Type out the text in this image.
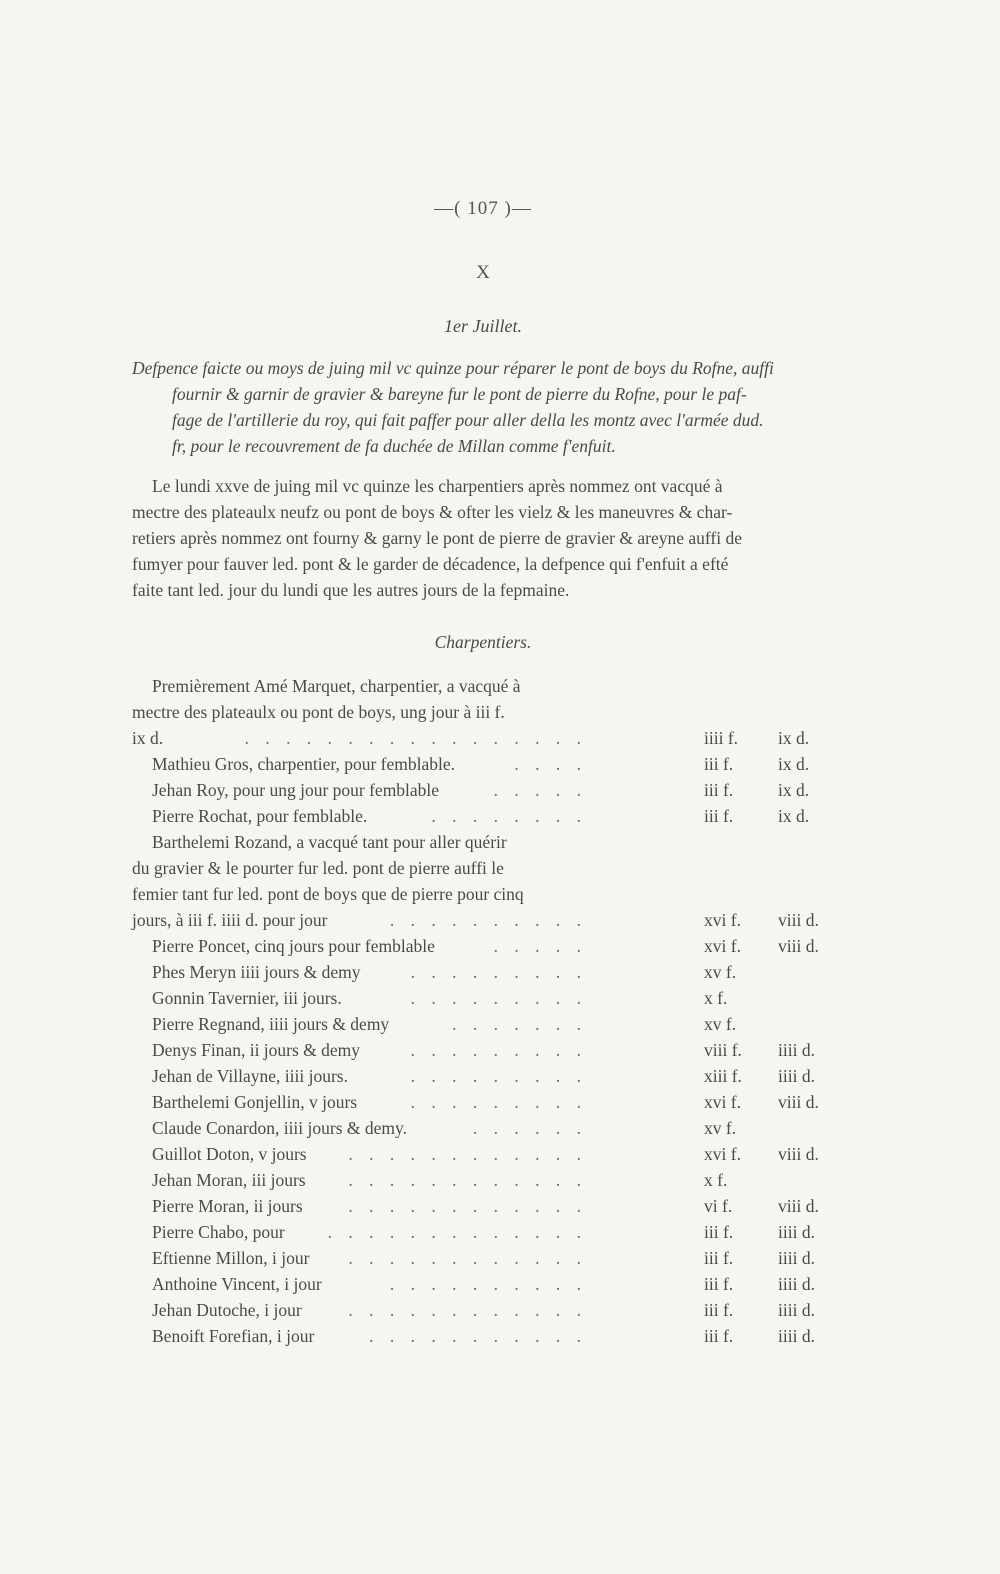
—( 107 )—
X
1er Juillet.
Defpence faicte ou moys de juing mil vc quinze pour réparer le pont de boys du Rofne, auffi
fournir & garnir de gravier & bareyne fur le pont de pierre du Rofne, pour le paf-
fage de l'artillerie du roy, qui fait paffer pour aller della les montz avec l'armée dud.
fr, pour le recouvrement de fa duchée de Millan comme f'enfuit.
Le lundi xxve de juing mil vc quinze les charpentiers après nommez ont vacqué à
mectre des plateaulx neufz ou pont de boys & ofter les vielz & les maneuvres & char-
retiers après nommez ont fourny & garny le pont de pierre de gravier & areyne auffi de
fumyer pour fauver led. pont & le garder de décadence, la defpence qui f'enfuit a efté
faite tant led. jour du lundi que les autres jours de la fepmaine.
Charpentiers.
Premièrement Amé Marquet, charpentier, a vacqué à
mectre des plateaulx ou pont de boys, ung jour à iii f.
ix d.	. . . . . . . . . . . . . . . . .	iiii f. ix d.
Mathieu Gros, charpentier, pour femblable.	. . . .	iii f.	ix d.
Jehan Roy, pour ung jour pour femblable	. . . . .	iii f.	ix d.
Pierre Rochat, pour femblable.	. . . . . . . .	iii f.	ix d.
Barthelemi Rozand, a vacqué tant pour aller quérir
du gravier & le pourter fur led. pont de pierre auffi le
femier tant fur led. pont de boys que de pierre pour cinq
jours, à iii f. iiii d. pour jour	. . . . . . . . . .	xvi f. viii d.
Pierre Poncet, cinq jours pour femblable	. . . . .	xvi f. viii d.
Phes Meryn iiii jours & demy	. . . . . . . . .	xv f.
Gonnin Tavernier, iii jours.	. . . . . . . . .	x f.
Pierre Regnand, iiii jours & demy	. . . . . . .	xv f.
Denys Finan, ii jours & demy	. . . . . . . . .	viii f. iiii d.
Jehan de Villayne, iiii jours.	. . . . . . . . .	xiii f. iiii d.
Barthelemi Gonjellin, v jours	. . . . . . . . .	xvi f. viii d.
Claude Conardon, iiii jours & demy.	. . . . . .	xv f.
Guillot Doton, v jours . . . . . . . . . . . .	xvi f. viii d.
Jehan Moran, iii jours . . . . . . . . . . . .	x f.
Pierre Moran, ii jours	. . . . . . . . . . . .	vi f.	viii d.
Pierre Chabo, pour . . . . . . . . . . . . .	iii f.	iiii d.
Eftienne Millon, i jour . . . . . . . . . . . .	iii f.	iiii d.
Anthoine Vincent, i jour	. . . . . . . . . .	iii f.	iiii d.
Jehan Dutoche, i jour	. . . . . . . . . . . .	iii f.	iiii d.
Benoift Forefian, i jour	. . . . . . . . . . .	iii f.	iiii d.
